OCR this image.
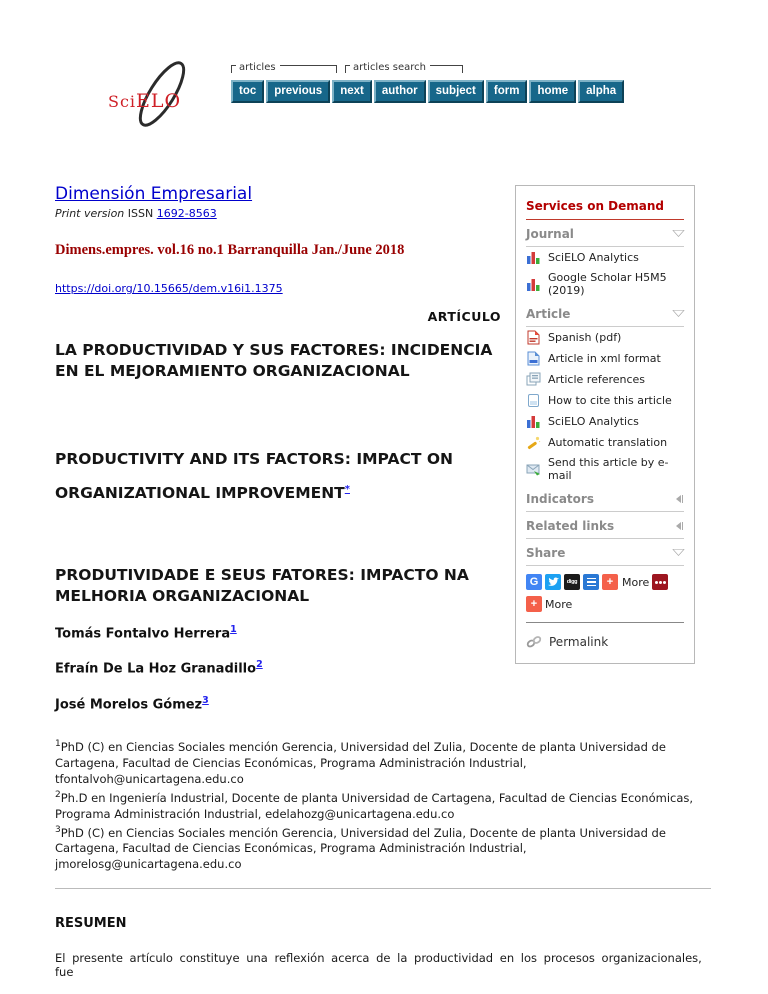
SciELO
articles	articles search
toc	previous	next	author	subject	form	home	alpha
Dimensión Empresarial

Print version ISSN 1692-8563

Dimens.empres. vol.16 no.1 Barranquilla Jan./June 2018

https://doi.org/10.15665/dem.v16i1.1375

ARTÍCULO

LA PRODUCTIVIDAD Y SUS FACTORES: INCIDENCIA EN EL MEJORAMIENTO ORGANIZACIONAL
PRODUCTIVITY AND ITS FACTORS: IMPACT ON ORGANIZATIONAL IMPROVEMENT*
PRODUTIVIDADE E SEUS FATORES: IMPACTO NA MELHORIA ORGANIZACIONAL

Tomás Fontalvo Herrera$^1$

Efraín De La Hoz Granadillo$^2$

José Morelos Gómez$^3$

$^1$PhD (C) en Ciencias Sociales mención Gerencia, Universidad del Zulia, Docente de planta Universidad de Cartagena, Facultad de Ciencias Económicas, Programa Administración Industrial, tfontalvoh@unicartagena.edu.co
$^2$Ph.D en Ingeniería Industrial, Docente de planta Universidad de Cartagena, Facultad de Ciencias Económicas, Programa Administración Industrial, edelahozg@unicartagena.edu.co
$^3$PhD (C) en Ciencias Sociales mención Gerencia, Universidad del Zulia, Docente de planta Universidad de Cartagena, Facultad de Ciencias Económicas, Programa Administración Industrial, jmorelosg@unicartagena.edu.co
RESUMEN

El presente artículo constituye una reflexión acerca de la productividad en los procesos organizacionales, fue

Services on Demand
Journal	▽
SciELO Analytics
Google Scholar H5M5 (2019)
Article	▽
Spanish (pdf)
Article in xml format
Article references
How to cite this article
SciELO Analytics
Automatic translation
Send this article by e-mail
Indicators
Related links
Share	▽
G	digg	+ More
+ More
Permalink
